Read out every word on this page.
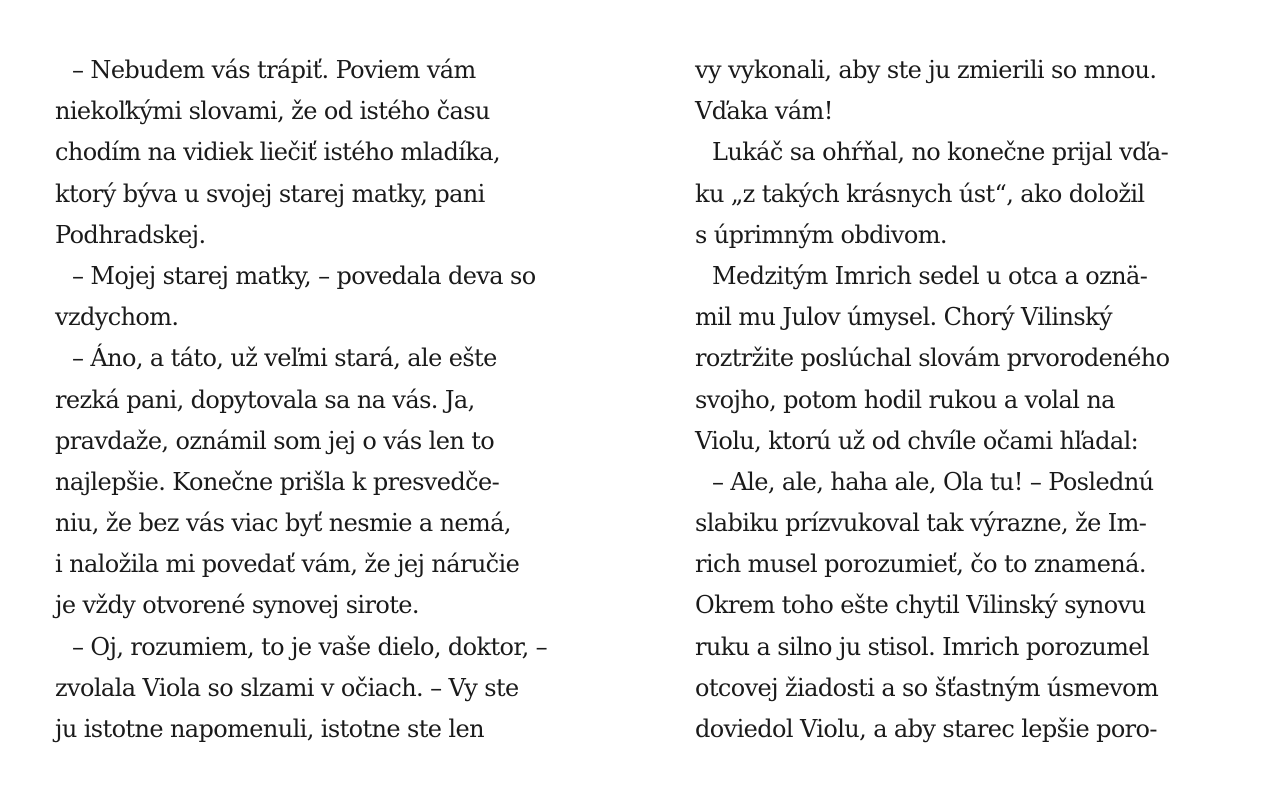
– Nebudem vás trápiť. Poviem vám
niekoľkými slovami, že od istého času
chodím na vidiek liečiť istého mladíka,
ktorý býva u svojej starej matky, pani
Podhradskej.
– Mojej starej matky, – povedala deva so
vzdychom.
– Áno, a táto, už veľmi stará, ale ešte
rezká pani, dopytovala sa na vás. Ja,
pravdaže, oznámil som jej o vás len to
najlepšie. Konečne prišla k presvedče-
niu, že bez vás viac byť nesmie a nemá,
i naložila mi povedať vám, že jej náručie
je vždy otvorené synovej sirote.
– Oj, rozumiem, to je vaše dielo, doktor, –
zvolala Viola so slzami v očiach. – Vy ste
ju istotne napomenuli, istotne ste len
vy vykonali, aby ste ju zmierili so mnou.
Vďaka vám!
Lukáč sa ohŕňal, no konečne prijal vďa-
ku „z takých krásnych úst“, ako doložil
s úprimným obdivom.
Medzitým Imrich sedel u otca a oznä-
mil mu Julov úmysel. Chorý Vilinský
roztržite poslúchal slovám prvorodeného
svojho, potom hodil rukou a volal na
Violu, ktorú už od chvíle očami hľadal:
– Ale, ale, haha ale, Ola tu! – Poslednú
slabiku prízvukoval tak výrazne, že Im-
rich musel porozumieť, čo to znamená.
Okrem toho ešte chytil Vilinský synovu
ruku a silno ju stisol. Imrich porozumel
otcovej žiadosti a so šťastným úsmevom
doviedol Violu, a aby starec lepšie poro-
